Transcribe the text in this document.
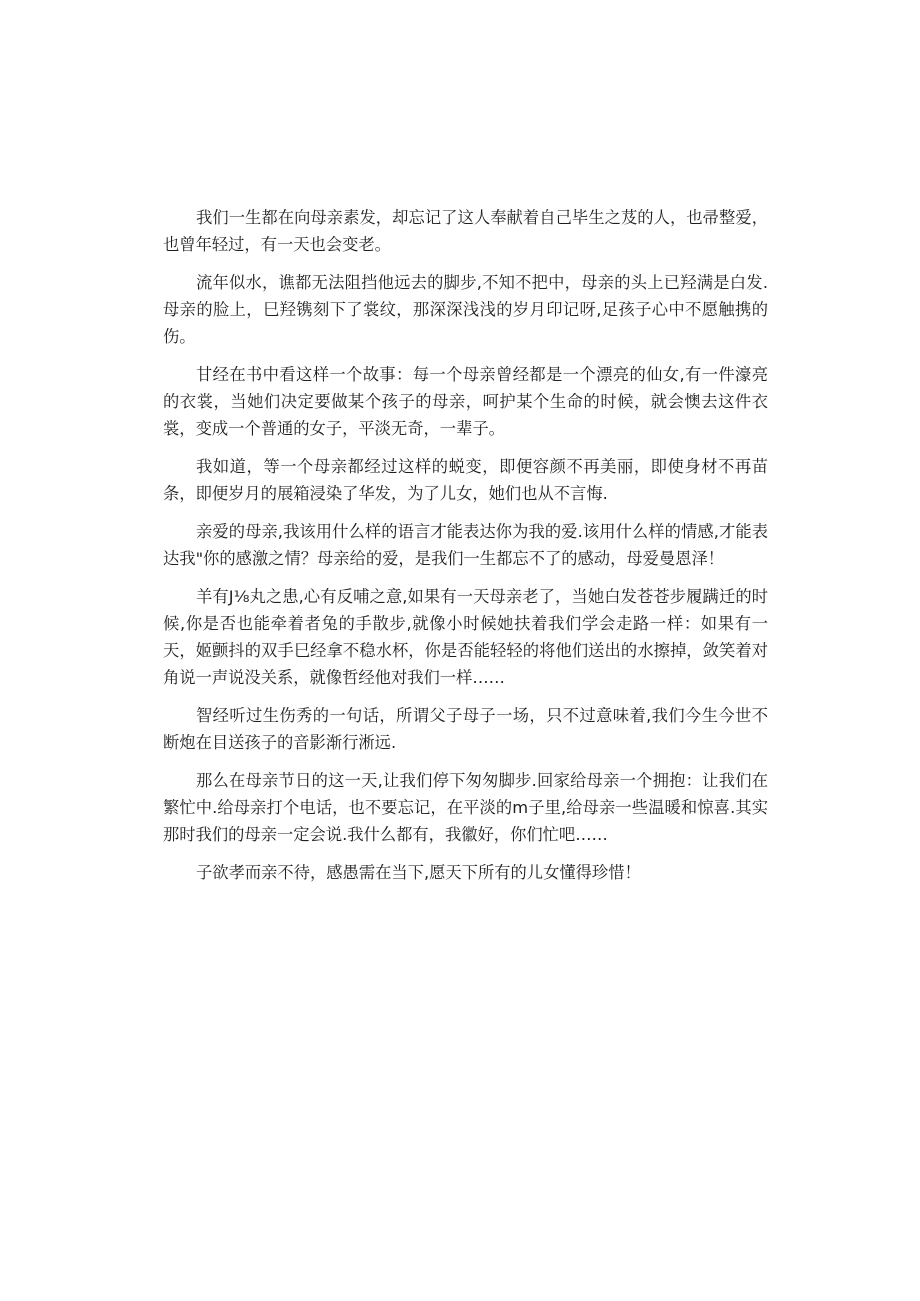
我们一生都在向母亲素发，却忘记了这人奉献着自己毕生之芨的人，也帚整爱，也曾年轻过，有一天也会变老。

流年似水，谯都无法阻挡他远去的脚步,不知不把中，母亲的头上已羟满是白发.母亲的脸上，巳羟镌刻下了裳纹，那深深浅浅的岁月印记呀,足孩子心中不愿触携的伤。

甘经在书中看这样一个故事：每一个母亲曾经都是一个漂亮的仙女,有一件濠亮的衣裳，当她们决定要做某个孩子的母亲，呵护某个生命的时候，就会懊去这件衣裳，变成一个普通的女子，平淡无奇，一辈子。

我如道，等一个母亲都经过这样的蜕变，即便容颜不再美丽，即使身材不再苗条，即便岁月的展箱浸染了华发，为了儿女，她们也从不言悔.

亲爱的母亲,我该用什么样的语言才能表达你为我的爱.该用什么样的情感,才能表达我"你的感激之情？母亲给的爱，是我们一生都忘不了的感动，母爱曼恩泽！

羊有J⅛丸之患,心有反哺之意,如果有一天母亲老了，当她白发苍苍步履蹒迁的时候,你是否也能牵着者兔的手散步,就像小时候她扶着我们学会走路一样：如果有一天，姬颤抖的双手巳经拿不稳水杯，你是否能轻轻的将他们送出的水擦掉，敛笑着对角说一声说没关系，就像哲经他对我们一样……

智经听过生伤秀的一句话，所谓父子母子一场，只不过意味着,我们今生今世不断炮在目送孩子的音影渐行淅远.

那么在母亲节日的这一天,让我们停下匆匆脚步.回家给母亲一个拥抱：让我们在繁忙中.给母亲打个电话，也不要忘记，在平淡的m子里,给母亲一些温暖和惊喜.其实那时我们的母亲一定会说.我什么都有，我徽好，你们忙吧……

子欲孝而亲不待，感愚需在当下,愿天下所有的儿女懂得珍惜！
